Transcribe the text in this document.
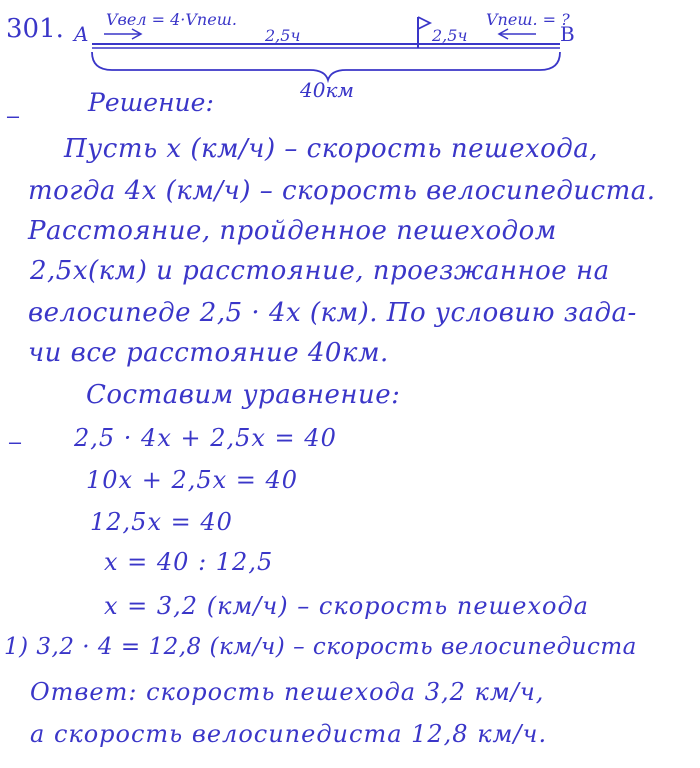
301. A
Vвел = 4·Vпеш.
2,5ч	2,5ч
Vпеш. = ?
B
40км
‒
‒
Решение:
Пусть x (км/ч) – скорость пешехода,
тогда 4x (км/ч) – скорость велосипедиста.
Расстояние, пройденное пешеходом
2,5x(км) и расстояние, проезжанное на
велосипеде 2,5 · 4x (км). По условию зада-
чи все расстояние 40км.
Составим уравнение:
2,5 · 4x + 2,5x = 40
10x + 2,5x = 40
12,5x = 40
x = 40 : 12,5
x = 3,2 (км/ч) – скорость пешехода
1) 3,2 · 4 = 12,8 (км/ч) – скорость велосипедиста
Ответ: скорость пешехода 3,2 км/ч,
а скорость велосипедиста 12,8 км/ч.
